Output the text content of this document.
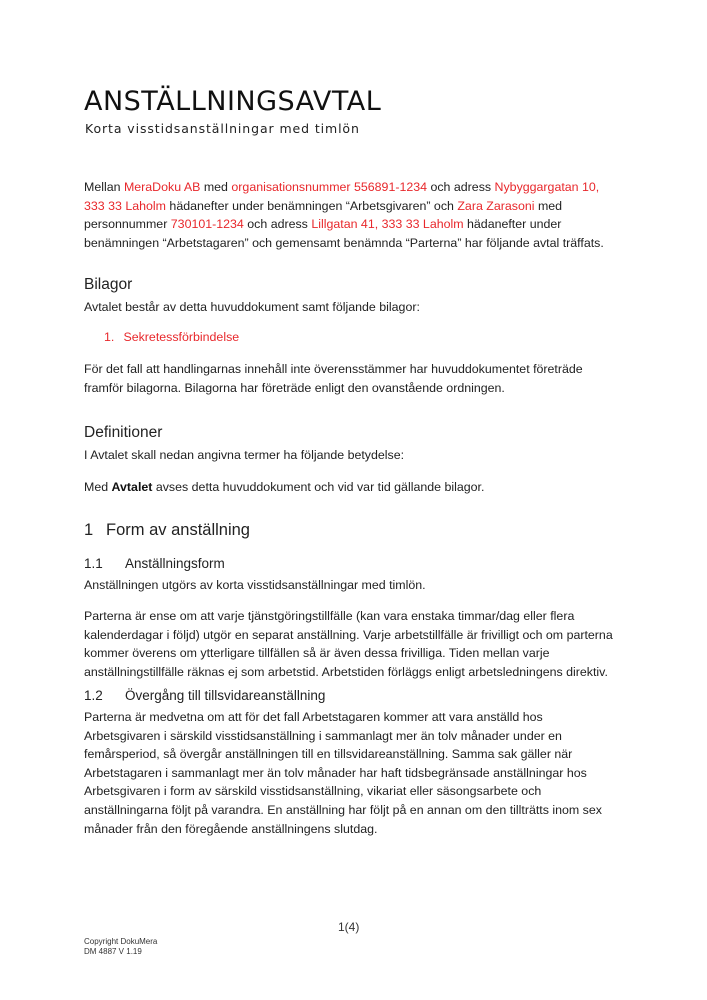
ANSTÄLLNINGSAVTAL
Korta visstidsanställningar med timlön
Mellan MeraDoku AB med organisationsnummer 556891-1234 och adress Nybyggargatan 10,
333 33 Laholm hädanefter under benämningen “Arbetsgivaren” och Zara Zarasoni med
personnummer 730101-1234 och adress Lillgatan 41, 333 33 Laholm hädanefter under
benämningen “Arbetstagaren” och gemensamt benämnda “Parterna” har följande avtal träffats.
Bilagor
Avtalet består av detta huvuddokument samt följande bilagor:
1. Sekretessförbindelse
För det fall att handlingarnas innehåll inte överensstämmer har huvuddokumentet företräde
framför bilagorna. Bilagorna har företräde enligt den ovanstående ordningen.
Definitioner
I Avtalet skall nedan angivna termer ha följande betydelse:
Med Avtalet avses detta huvuddokument och vid var tid gällande bilagor.
1 Form av anställning
1.1 Anställningsform
Anställningen utgörs av korta visstidsanställningar med timlön.
Parterna är ense om att varje tjänstgöringstillfälle (kan vara enstaka timmar/dag eller flera
kalenderdagar i följd) utgör en separat anställning. Varje arbetstillfälle är frivilligt och om parterna
kommer överens om ytterligare tillfällen så är även dessa frivilliga. Tiden mellan varje
anställningstillfälle räknas ej som arbetstid. Arbetstiden förläggs enligt arbetsledningens direktiv.
1.2 Övergång till tillsvidareanställning
Parterna är medvetna om att för det fall Arbetstagaren kommer att vara anställd hos
Arbetsgivaren i särskild visstidsanställning i sammanlagt mer än tolv månader under en
femårsperiod, så övergår anställningen till en tillsvidareanställning. Samma sak gäller när
Arbetstagaren i sammanlagt mer än tolv månader har haft tidsbegränsade anställningar hos
Arbetsgivaren i form av särskild visstidsanställning, vikariat eller säsongsarbete och
anställningarna följt på varandra. En anställning har följt på en annan om den tillträtts inom sex
månader från den föregående anställningens slutdag.
1(4)
Copyright DokuMera
DM 4887 V 1.19
